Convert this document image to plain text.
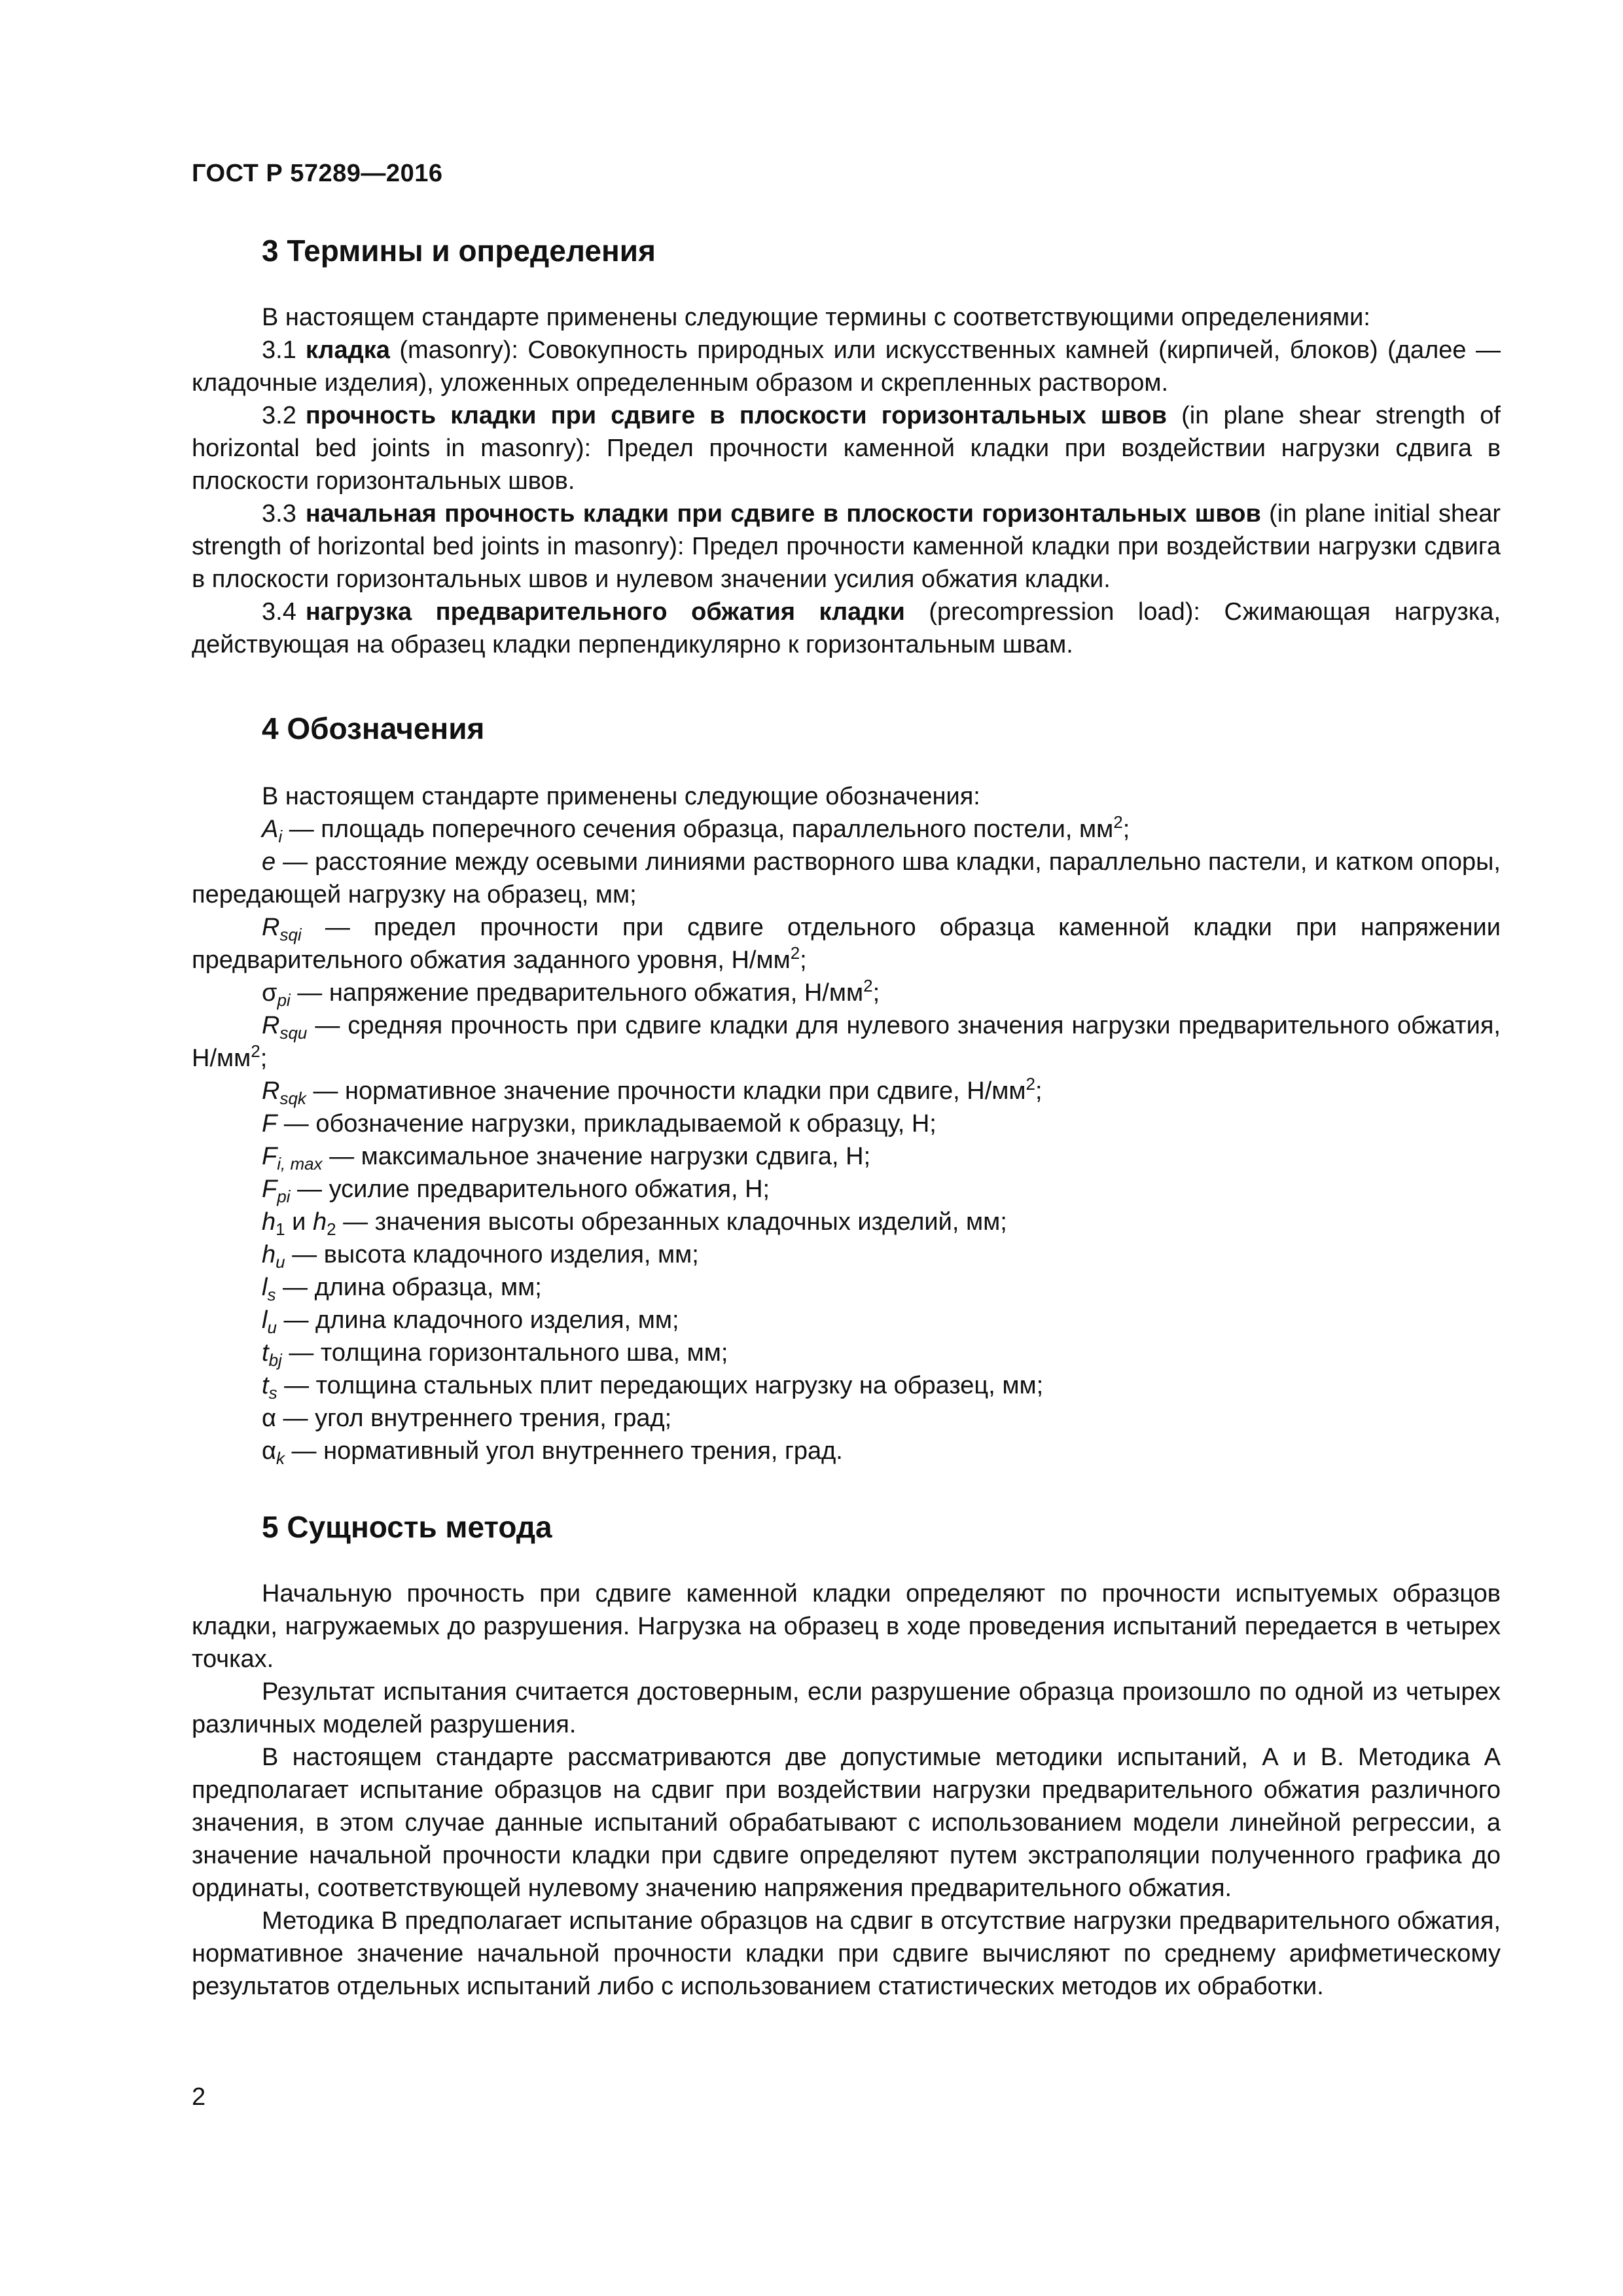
ГОСТ Р 57289—2016
3 Термины и определения

В настоящем стандарте применены следующие термины с соответствующими определениями:

3.1 кладка (masonry): Совокупность природных или искусственных камней (кирпичей, блоков) (далее — кладочные изделия), уложенных определенным образом и скрепленных раствором.

3.2 прочность кладки при сдвиге в плоскости горизонтальных швов (in plane shear strength of horizontal bed joints in masonry): Предел прочности каменной кладки при воздействии нагрузки сдвига в плоскости горизонтальных швов.

3.3 начальная прочность кладки при сдвиге в плоскости горизонтальных швов (in plane initial shear strength of horizontal bed joints in masonry): Предел прочности каменной кладки при воздействии нагрузки сдвига в плоскости горизонтальных швов и нулевом значении усилия обжатия кладки.

3.4 нагрузка предварительного обжатия кладки (precompression load): Сжимающая нагрузка, действующая на образец кладки перпендикулярно к горизонтальным швам.

4 Обозначения

В настоящем стандарте применены следующие обозначения:

$A_i$ — площадь поперечного сечения образца, параллельного постели, $мм^2$;

e — расстояние между осевыми линиями растворного шва кладки, параллельно пастели, и катком опоры, передающей нагрузку на образец, мм;

$R_{sqi}$ — предел прочности при сдвиге отдельного образца каменной кладки при напряжении предварительного обжатия заданного уровня, $Н/мм^2$;

$\sigma_{pi}$ — напряжение предварительного обжатия, $Н/мм^2$;

$R_{squ}$ — средняя прочность при сдвиге кладки для нулевого значения нагрузки предварительного обжатия, $Н/мм^2$;

$R_{sqk}$ — нормативное значение прочности кладки при сдвиге, $Н/мм^2$;

F — обозначение нагрузки, прикладываемой к образцу, Н;

$F_{i, max}$ — максимальное значение нагрузки сдвига, Н;

$F_{pi}$ — усилие предварительного обжатия, Н;

$h_1$ и $h_2$ — значения высоты обрезанных кладочных изделий, мм;

$h_u$ — высота кладочного изделия, мм;

$l_s$ — длина образца, мм;

$l_u$ — длина кладочного изделия, мм;

$t_{bj}$ — толщина горизонтального шва, мм;

$t_s$ — толщина стальных плит передающих нагрузку на образец, мм;

α — угол внутреннего трения, град;

$\alpha_k$ — нормативный угол внутреннего трения, град.

5 Сущность метода

Начальную прочность при сдвиге каменной кладки определяют по прочности испытуемых образцов кладки, нагружаемых до разрушения. Нагрузка на образец в ходе проведения испытаний передается в четырех точках.

Результат испытания считается достоверным, если разрушение образца произошло по одной из четырех различных моделей разрушения.

В настоящем стандарте рассматриваются две допустимые методики испытаний, А и В. Методика А предполагает испытание образцов на сдвиг при воздействии нагрузки предварительного обжатия различного значения, в этом случае данные испытаний обрабатывают с использованием модели линейной регрессии, а значение начальной прочности кладки при сдвиге определяют путем экстраполяции полученного графика до ординаты, соответствующей нулевому значению напряжения предварительного обжатия.

Методика В предполагает испытание образцов на сдвиг в отсутствие нагрузки предварительного обжатия, нормативное значение начальной прочности кладки при сдвиге вычисляют по среднему арифметическому результатов отдельных испытаний либо с использованием статистических методов их обработки.

2
